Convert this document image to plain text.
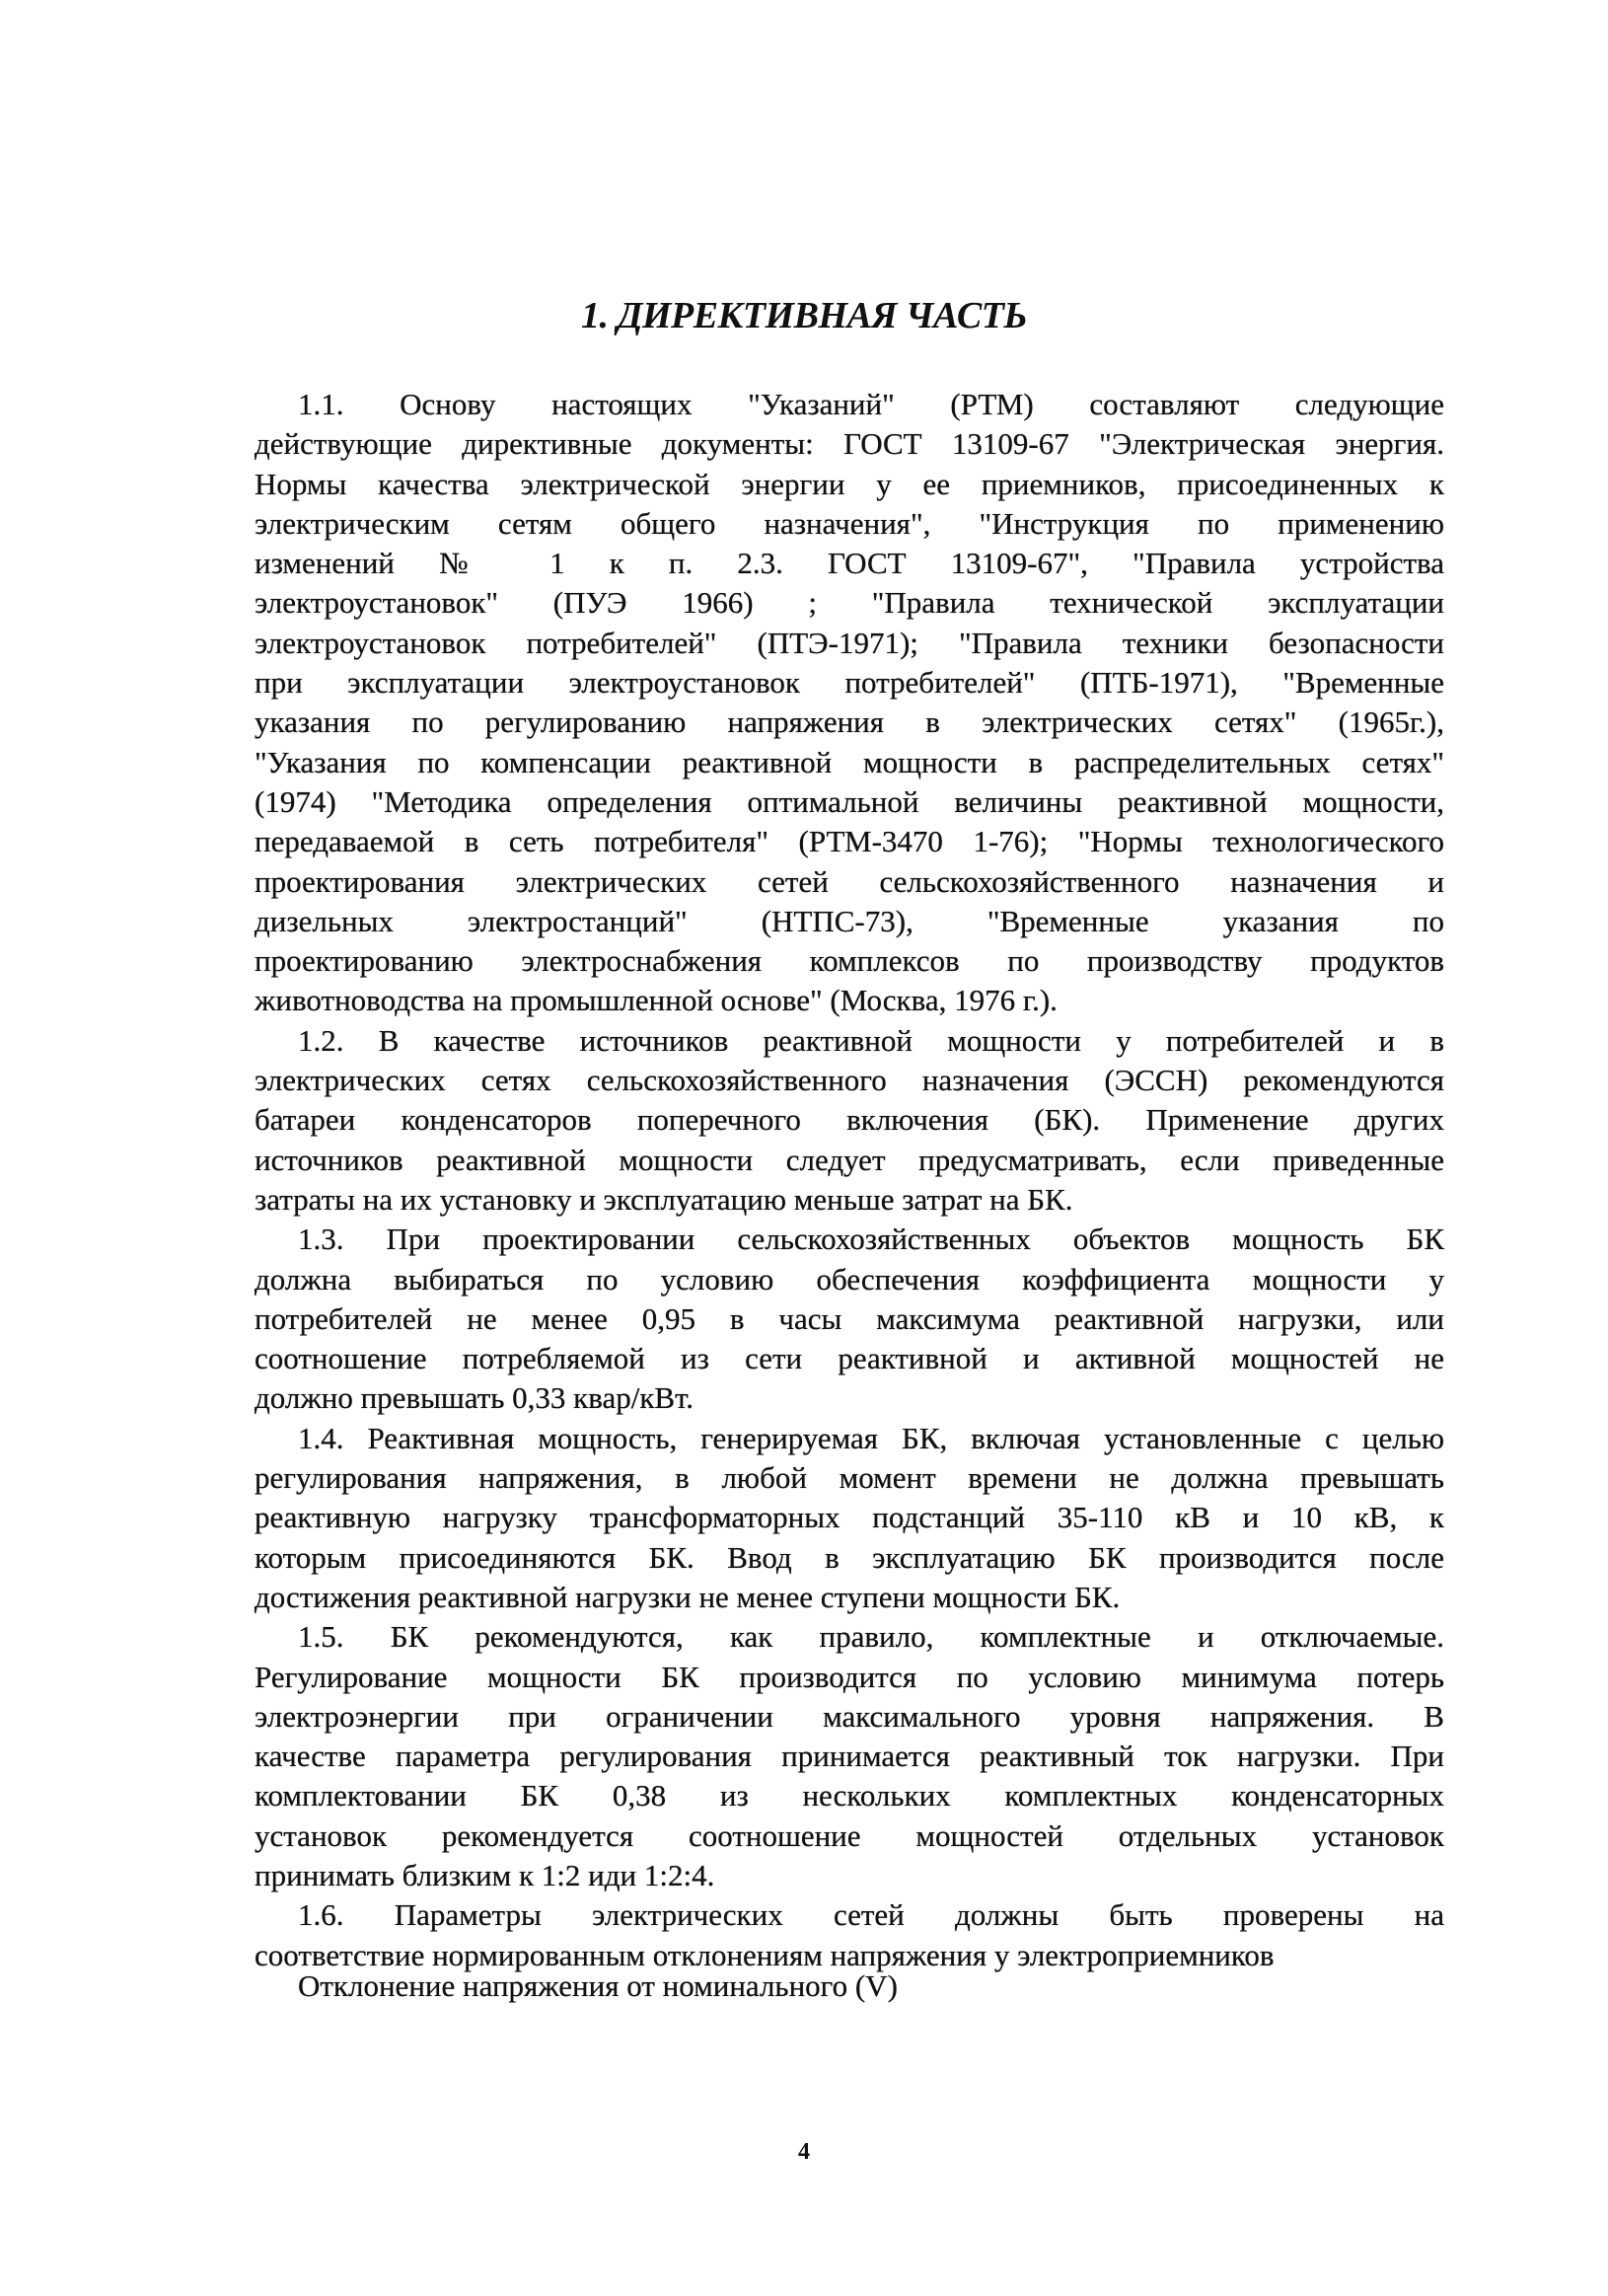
1. ДИРЕКТИВНАЯ ЧАСТЬ
1.1. Основу настоящих "Указаний" (РТМ) составляют следующие
действующие директивные документы: ГОСТ 13109-67 "Электрическая энергия.
Нормы качества электрической энергии у ее приемников, присоединенных к
электрическим сетям общего назначения", "Инструкция по применению
изменений № 1 к п. 2.3. ГОСТ 13109-67", "Правила устройства
электроустановок" (ПУЭ 1966) ; "Правила технической эксплуатации
электроустановок потребителей" (ПТЭ-1971); "Правила техники безопасности
при эксплуатации электроустановок потребителей" (ПТБ-1971), "Временные
указания по регулированию напряжения в электрических сетях" (1965г.),
"Указания по компенсации реактивной мощности в распределительных сетях"
(1974) "Методика определения оптимальной величины реактивной мощности,
передаваемой в сеть потребителя" (РТМ-3470 1-76); "Нормы технологического
проектирования электрических сетей сельскохозяйственного назначения и
дизельных электростанций" (НТПС-73), "Временные указания по
проектированию электроснабжения комплексов по производству продуктов
животноводства на промышленной основе" (Москва, 1976 г.).
1.2. В качестве источников реактивной мощности у потребителей и в
электрических сетях сельскохозяйственного назначения (ЭССН) рекомендуются
батареи конденсаторов поперечного включения (БК). Применение других
источников реактивной мощности следует предусматривать, если приведенные
затраты на их установку и эксплуатацию меньше затрат на БК.
1.3. При проектировании сельскохозяйственных объектов мощность БК
должна выбираться по условию обеспечения коэффициента мощности у
потребителей не менее 0,95 в часы максимума реактивной нагрузки, или
соотношение потребляемой из сети реактивной и активной мощностей не
должно превышать 0,33 квар/кВт.
1.4. Реактивная мощность, генерируемая БК, включая установленные с целью
регулирования напряжения, в любой момент времени не должна превышать
реактивную нагрузку трансформаторных подстанций 35-110 кВ и 10 кВ, к
которым присоединяются БК. Ввод в эксплуатацию БК производится после
достижения реактивной нагрузки не менее ступени мощности БК.
1.5. БК рекомендуются, как правило, комплектные и отключаемые.
Регулирование мощности БК производится по условию минимума потерь
электроэнергии при ограничении максимального уровня напряжения. В
качестве параметра регулирования принимается реактивный ток нагрузки. При
комплектовании БК 0,38 из нескольких комплектных конденсаторных
установок рекомендуется соотношение мощностей отдельных установок
принимать близким к 1:2 иди 1:2:4.
1.6. Параметры электрических сетей должны быть проверены на
соответствие нормированным отклонениям напряжения у электроприемников
Отклонение напряжения от номинального (V)
4
